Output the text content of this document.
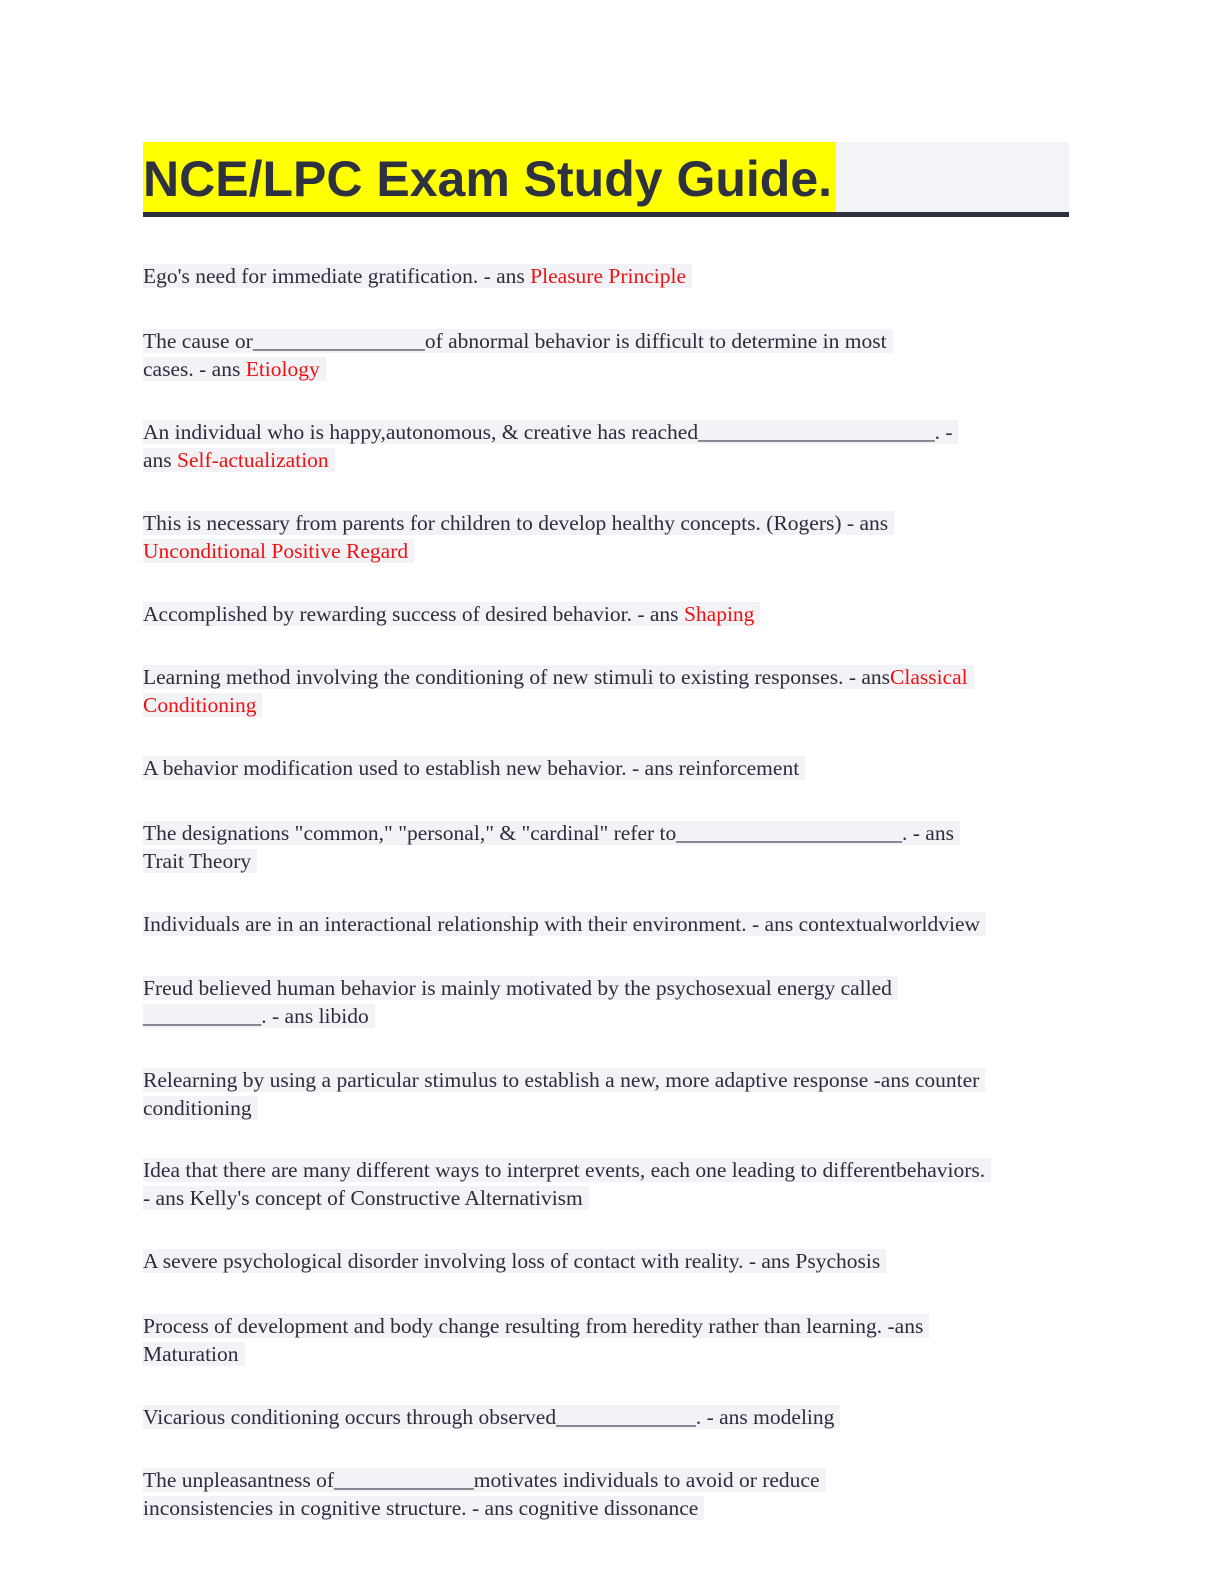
NCE/LPC Exam Study Guide.
Ego's need for immediate gratification. - ans Pleasure Principle
The cause or________________of abnormal behavior is difficult to determine in most
cases. - ans Etiology
An individual who is happy,autonomous, & creative has reached______________________. -
ans Self-actualization
This is necessary from parents for children to develop healthy concepts. (Rogers) - ans
Unconditional Positive Regard
Accomplished by rewarding success of desired behavior. - ans Shaping
Learning method involving the conditioning of new stimuli to existing responses. - ansClassical
Conditioning
A behavior modification used to establish new behavior. - ans reinforcement
The designations "common," "personal," & "cardinal" refer to_____________________. - ans
Trait Theory
Individuals are in an interactional relationship with their environment. - ans contextualworldview
Freud believed human behavior is mainly motivated by the psychosexual energy called
___________. - ans libido
Relearning by using a particular stimulus to establish a new, more adaptive response -ans counter
conditioning
Idea that there are many different ways to interpret events, each one leading to differentbehaviors.
- ans Kelly's concept of Constructive Alternativism
A severe psychological disorder involving loss of contact with reality. - ans Psychosis
Process of development and body change resulting from heredity rather than learning. -ans
Maturation
Vicarious conditioning occurs through observed_____________. - ans modeling
The unpleasantness of_____________motivates individuals to avoid or reduce
inconsistencies in cognitive structure. - ans cognitive dissonance
